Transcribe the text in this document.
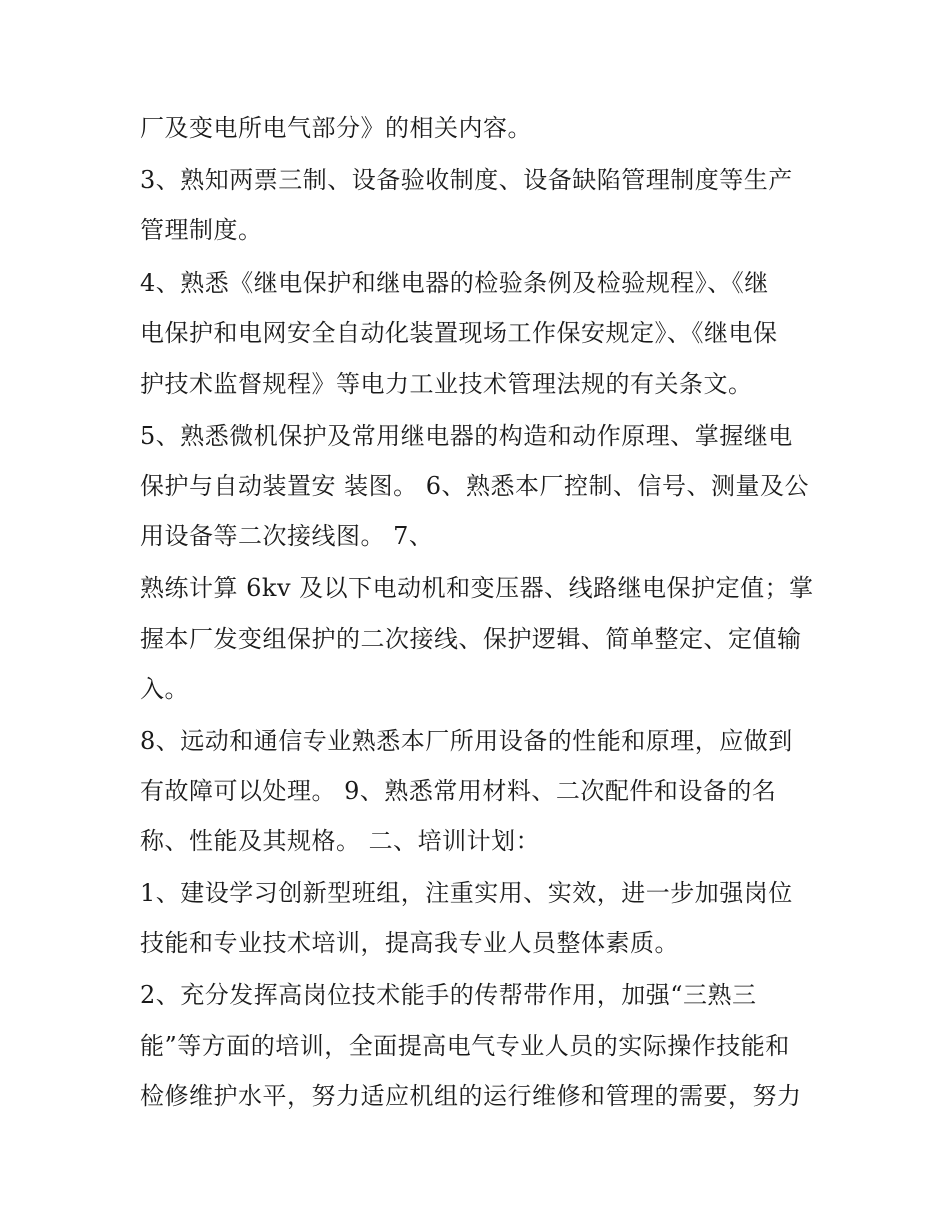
厂及变电所电气部分》的相关内容。
3、熟知两票三制、设备验收制度、设备缺陷管理制度等生产
管理制度。
4、熟悉《继电保护和继电器的检验条例及检验规程》、《继
电保护和电网安全自动化装置现场工作保安规定》、《继电保
护技术监督规程》等电力工业技术管理法规的有关条文。
5、熟悉微机保护及常用继电器的构造和动作原理、掌握继电
保护与自动装置安 装图。 6、熟悉本厂控制、信号、测量及公
用设备等二次接线图。 7、
熟练计算 6kv 及以下电动机和变压器、线路继电保护定值；掌
握本厂发变组保护的二次接线、保护逻辑、简单整定、定值输
入。
8、远动和通信专业熟悉本厂所用设备的性能和原理，应做到
有故障可以处理。 9、熟悉常用材料、二次配件和设备的名
称、性能及其规格。 二、培训计划：
1、建设学习创新型班组，注重实用、实效，进一步加强岗位
技能和专业技术培训，提高我专业人员整体素质。
2、充分发挥高岗位技术能手的传帮带作用，加强“三熟三
能”等方面的培训，全面提高电气专业人员的实际操作技能和
检修维护水平，努力适应机组的运行维修和管理的需要，努力
